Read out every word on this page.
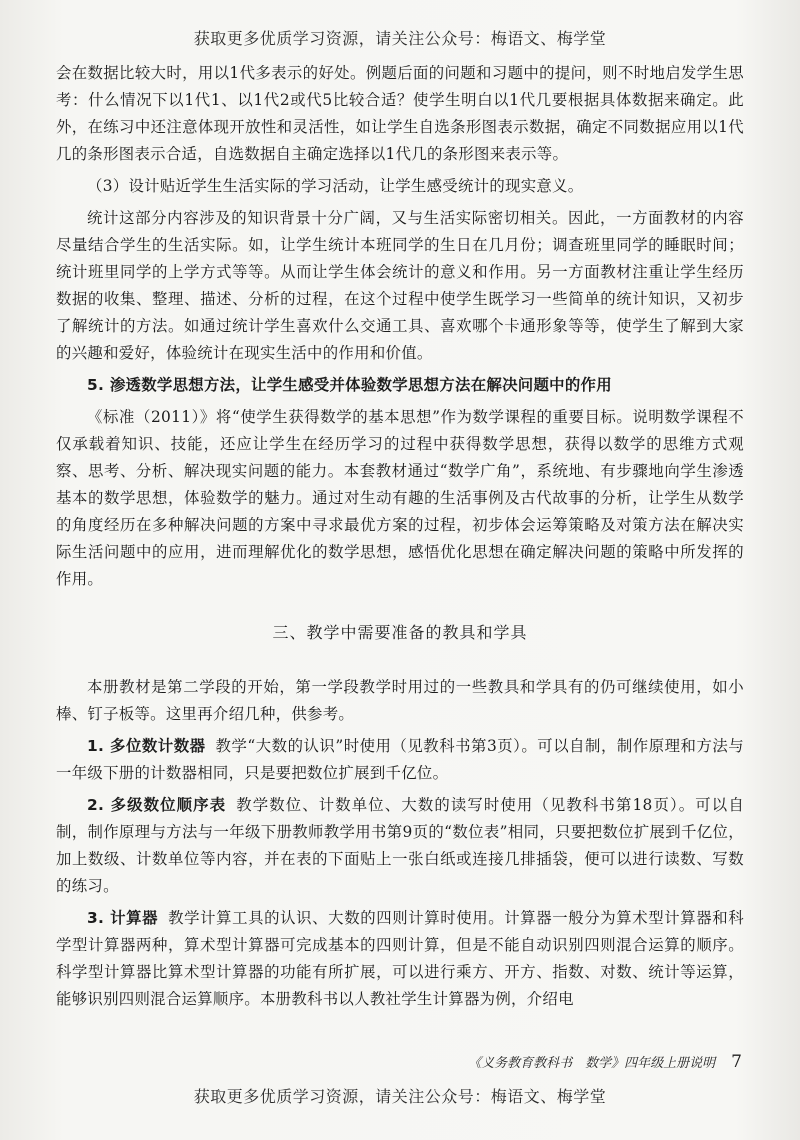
获取更多优质学习资源，请关注公众号：梅语文、梅学堂

会在数据比较大时，用以1代多表示的好处。例题后面的问题和习题中的提问，则不时地启发学生思考：什么情况下以1代1、以1代2或代5比较合适？使学生明白以1代几要根据具体数据来确定。此外，在练习中还注意体现开放性和灵活性，如让学生自选条形图表示数据，确定不同数据应用以1代几的条形图表示合适，自选数据自主确定选择以1代几的条形图来表示等。

（3）设计贴近学生生活实际的学习活动，让学生感受统计的现实意义。

统计这部分内容涉及的知识背景十分广阔，又与生活实际密切相关。因此，一方面教材的内容尽量结合学生的生活实际。如，让学生统计本班同学的生日在几月份；调查班里同学的睡眠时间；统计班里同学的上学方式等等。从而让学生体会统计的意义和作用。另一方面教材注重让学生经历数据的收集、整理、描述、分析的过程，在这个过程中使学生既学习一些简单的统计知识，又初步了解统计的方法。如通过统计学生喜欢什么交通工具、喜欢哪个卡通形象等等，使学生了解到大家的兴趣和爱好，体验统计在现实生活中的作用和价值。

5. 渗透数学思想方法，让学生感受并体验数学思想方法在解决问题中的作用

《标准（2011）》将“使学生获得数学的基本思想”作为数学课程的重要目标。说明数学课程不仅承载着知识、技能，还应让学生在经历学习的过程中获得数学思想，获得以数学的思维方式观察、思考、分析、解决现实问题的能力。本套教材通过“数学广角”，系统地、有步骤地向学生渗透基本的数学思想，体验数学的魅力。通过对生动有趣的生活事例及古代故事的分析，让学生从数学的角度经历在多种解决问题的方案中寻求最优方案的过程，初步体会运筹策略及对策方法在解决实际生活问题中的应用，进而理解优化的数学思想，感悟优化思想在确定解决问题的策略中所发挥的作用。

三、教学中需要准备的教具和学具

本册教材是第二学段的开始，第一学段教学时用过的一些教具和学具有的仍可继续使用，如小棒、钉子板等。这里再介绍几种，供参考。

1. 多位数计数器 教学“大数的认识”时使用（见教科书第3页）。可以自制，制作原理和方法与一年级下册的计数器相同，只是要把数位扩展到千亿位。

2. 多级数位顺序表 教学数位、计数单位、大数的读写时使用（见教科书第18页）。可以自制，制作原理与方法与一年级下册教师教学用书第9页的“数位表”相同，只要把数位扩展到千亿位，加上数级、计数单位等内容，并在表的下面贴上一张白纸或连接几排插袋，便可以进行读数、写数的练习。

3. 计算器 教学计算工具的认识、大数的四则计算时使用。计算器一般分为算术型计算器和科学型计算器两种，算术型计算器可完成基本的四则计算，但是不能自动识别四则混合运算的顺序。科学型计算器比算术型计算器的功能有所扩展，可以进行乘方、开方、指数、对数、统计等运算，能够识别四则混合运算顺序。本册教科书以人教社学生计算器为例，介绍电

《义务教育教科书　数学》四年级上册说明 7
获取更多优质学习资源，请关注公众号：梅语文、梅学堂
